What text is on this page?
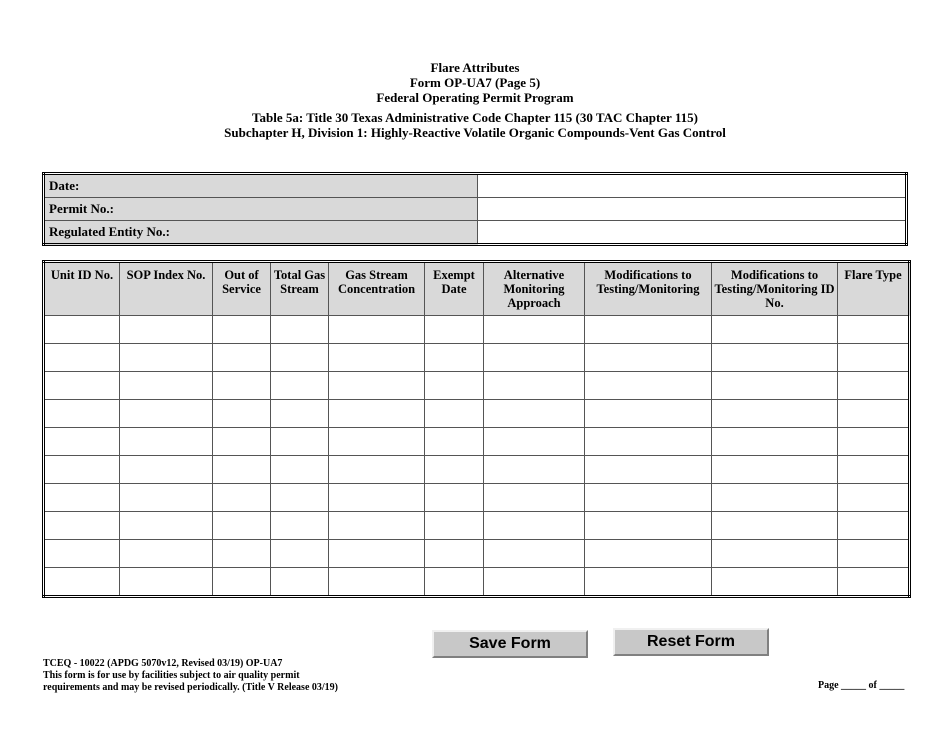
Flare Attributes
Form OP-UA7 (Page 5)
Federal Operating Permit Program
Table 5a: Title 30 Texas Administrative Code Chapter 115 (30 TAC Chapter 115)
Subchapter H, Division 1: Highly-Reactive Volatile Organic Compounds-Vent Gas Control
Date:	
Permit No.:	
Regulated Entity No.:	
Unit ID No.	SOP Index No.	Out of Service	Total Gas Stream	Gas Stream Concentration	Exempt Date	Alternative Monitoring Approach	Modifications to Testing/Monitoring	Modifications to Testing/Monitoring ID No.	Flare Type

Save Form	Reset Form
TCEQ - 10022 (APDG 5070v12, Revised 03/19) OP-UA7
This form is for use by facilities subject to air quality permit
requirements and may be revised periodically. (Title V Release 03/19)	Page _____ of _____
